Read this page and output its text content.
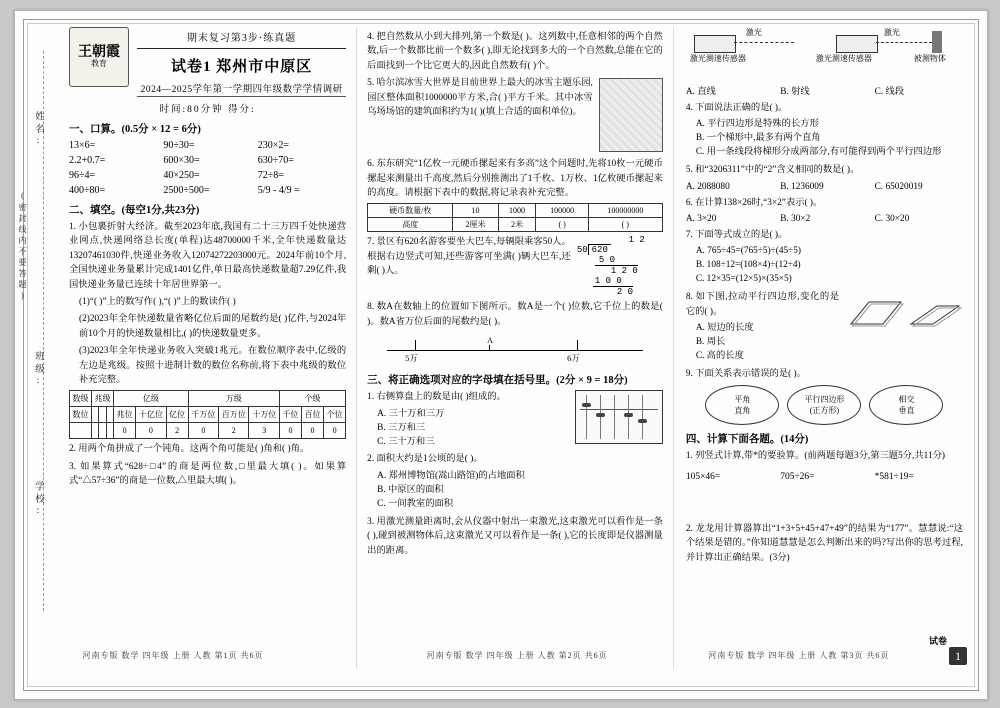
姓名:
(密封线内不要答题)
班级:
学校:
王朝霞
教育
期末复习第3步·练真题
试卷1 郑州市中原区
2024—2025学年第一学期四年级数学学情调研
时间:80分钟 得分:
一、口算。(0.5分 × 12 = 6分)
13×6=	90÷30=	230×2=
2.2+0.7=	600×30=	630÷70=
96÷4=	40×250=	72÷8=
400÷80=	2500÷500=	5/9 - 4/9 =
二、填空。(每空1分,共23分)
1. 小包裹折射大经济。截至2023年底,我国有二十三万四千处快递营业网点,快递网络总长度(单程)达48700000千米,全年快递数量达13207461030件,快递业务收入12074272203000元。2024年前10个月,全国快递业务量累计完成1401亿件,单日最高快递数量超7.29亿件,我国快递业务量已连续十年居世界第一。
(1)“( )”上的数写作( ),“( )”上的数读作( )
(2)2023年全年快递数量省略亿位后面的尾数约是( )亿件,与2024年前10个月的快递数量相比,( )的快递数量更多。
(3)2023年全年快递业务收入突破1兆元。在数位顺序表中,亿级的左边是兆级。按照十进制计数的数位名称前,将下表中兆级的数位补充完整。
数级	兆级			亿级			万级			个级		
数位				兆位	十亿位	亿位	千万位	百万位	十万位	千位	百位	个位
				0	0	2	0	2	3	0	0	0
2. 用两个角拼成了一个钝角。这两个角可能是( )角和( )角。
3. 如果算式“628÷□4”的商是两位数,□里最大填( )。如果算式“△57÷36”的商是一位数,△里最大填( )。
河南专版 数学 四年级 上册 人教 第1页 共6页
4. 把自然数从小到大排列,第一个数是( )。这列数中,任意相邻的两个自然数,后一个数都比前一个数多( ),即无论找到多大的一个自然数,总能在它的后面找到一个比它更大的,因此自然数有( )个。
5. 哈尔滨冰雪大世界是目前世界上最大的冰雪主题乐园,园区整体面积1000000平方米,合( )平方千米。其中冰雪乌场场馆的建筑面积约为1( )(填上合适的面积单位)。
6. 东东研究“1亿枚一元硬币摞起来有多高”这个问题时,先将10枚一元硬币摞起来测量出千高度,然后分别推测出了1千枚、1万枚、1亿枚硬币摞起来的高度。请根据下表中的数据,将记录表补充完整。
硬币数量/枚	10	1000	100000	100000000
高度	2厘米	2米	( )	( )
1 2
50 620
5 0
1 2 0
1 0 0
2 0
7. 景区有620名游客要坐大巴车,每辆限乘客50人。根据右边竖式可知,还些游客可坐满( )辆大巴车,还剩( )人。
8. 数A在数轴上的位置如下图所示。数A是一个( )位数,它千位上的数是( )。数A省万位后面的尾数约是( )。
A
5万	6万
三、将正确选项对应的字母填在括号里。(2分 × 9 = 18分)
1. 右侧算盘上的数是由( )组成的。
A. 三十万和三万
B. 三万和三
C. 三十万和三
2. 面积大约是1公顷的是( )。
A. 郑州博物馆(嵩山路馆)的占地面积
B. 中原区的面积
C. 一间教室的面积
3. 用激光测量距离时,会从仪器中射出一束激光,这束激光可以看作是一条( ),碰到被测物体后,这束激光又可以看作是一条( ),它的长度即是仪器测量出的距离。
河南专版 数学 四年级 上册 人教 第2页 共6页
激光
激光测速传感器
激光
激光测速传感器	被测物体
A. 直线	B. 射线	C. 线段
4. 下面说法正确的是( )。
A. 平行四边形是特殊的长方形
B. 一个梯形中,最多有两个直角
C. 用一条线段将梯形分成两部分,有可能得到两个平行四边形
5. 和“3206311”中的“2”含义相同的数是( )。
A. 2088080	B. 1236009	C. 65020019
6. 在计算138×26时,“3×2”表示( )。
A. 3×20	B. 30×2	C. 30×20
7. 下面等式成立的是( )。
A. 765÷45=(765÷5)÷(45÷5)
B. 108÷12=(108×4)÷(12÷4)
C. 12×35=(12×5)×(35×5)
8. 如下图,拉动平行四边形,变化的是它的( )。
A. 短边的长度
B. 周长
C. 高的长度
9. 下面关系表示错误的是( )。
平角
直角
平行四边形
(正方形)
相交
垂直
四、计算下面各题。(14分)
1. 列竖式计算,带*的要验算。(前两题每题3分,第三题5分,共11分)
105×46=	705÷26=	*581÷19=
2. 龙龙用计算器算出“1+3+5+45+47+49”的结果为“177”。慧慧说:“这个结果是错的。”你知道慧慧是怎么判断出来的吗?写出你的思考过程,并计算出正确结果。(3分)
河南专版 数学 四年级 上册 人教 第3页 共6页
试卷
1
